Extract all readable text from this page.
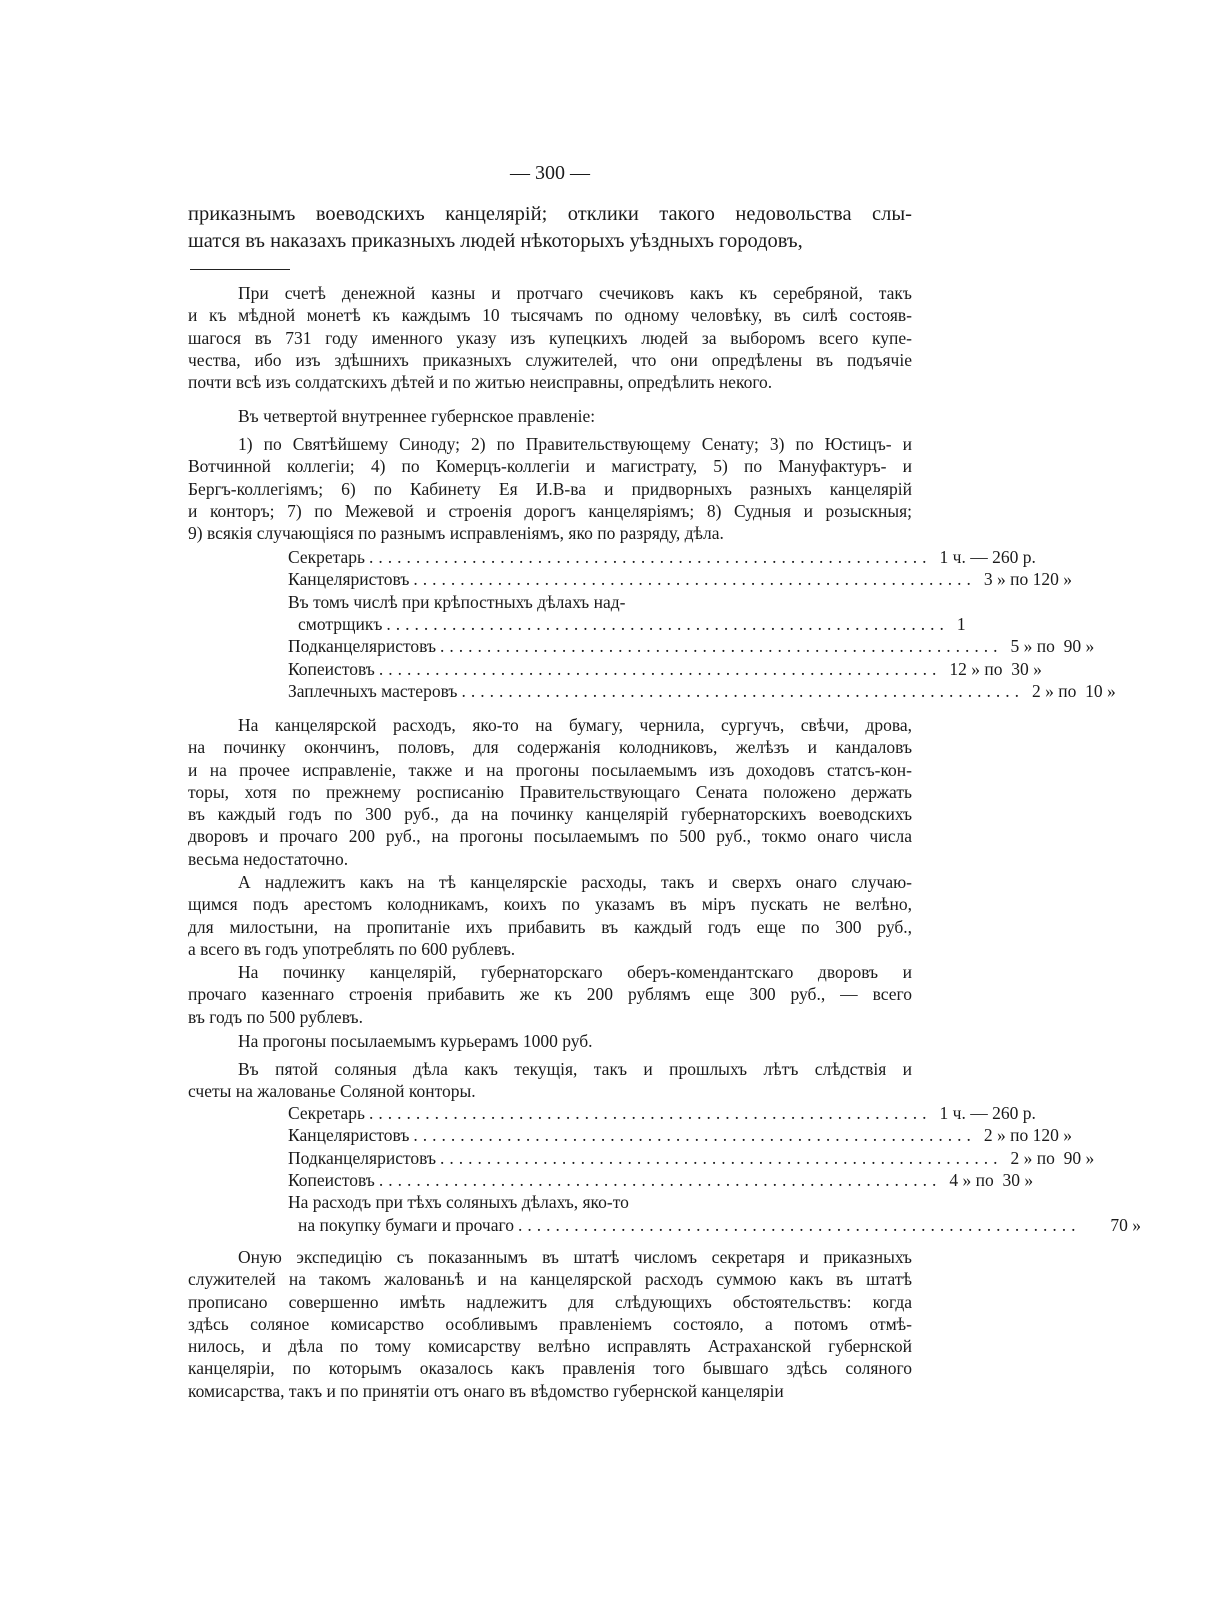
— 300 —
приказнымъ воеводскихъ канцелярій; отклики такого недовольства слы-
шатся въ наказахъ приказныхъ людей нѣкоторыхъ уѣздныхъ городовъ,
При счетѣ денежной казны и протчаго счечиковъ какъ къ серебряной, такъ
и къ мѣдной монетѣ къ каждымъ 10 тысячамъ по одному человѣку, въ силѣ состояв-
шагося въ 731 году именного указу изъ купецкихъ людей за выборомъ всего купе-
чества, ибо изъ здѣшнихъ приказныхъ служителей, что они опредѣлены въ подъячіе
почти всѣ изъ солдатскихъ дѣтей и по житью неисправны, опредѣлить некого.
Въ четвертой внутреннее губернское правленіе:
1) по Святѣйшему Синоду; 2) по Правительствующему Сенату; 3) по Юстицъ- и
Вотчинной коллегіи; 4) по Комерцъ-коллегіи и магистрату, 5) по Мануфактуръ- и
Бергъ-коллегіямъ; 6) по Кабинету Ея И.В-ва и придворныхъ разныхъ канцелярій
и конторъ; 7) по Межевой и строенія дорогъ канцеляріямъ; 8) Судныя и розыскныя;
9) всякія случающіяся по разнымъ исправленіямъ, яко по разряду, дѣла.
На канцелярской расходъ, яко-то на бумагу, чернила, сургучъ, свѣчи, дрова,
на починку окончинъ, половъ, для содержанія колодниковъ, желѣзъ и кандаловъ
и на прочее исправленіе, также и на прогоны посылаемымъ изъ доходовъ статсъ-кон-
торы, хотя по прежнему росписанію Правительствующаго Сената положено держать
въ каждый годъ по 300 руб., да на починку канцелярій губернаторскихъ воеводскихъ
дворовъ и прочаго 200 руб., на прогоны посылаемымъ по 500 руб., токмо онаго числа
весьма недостаточно.
А надлежитъ какъ на тѣ канцелярскіе расходы, такъ и сверхъ онаго случаю-
щимся подъ арестомъ колодникамъ, коихъ по указамъ въ міръ пускать не велѣно,
для милостыни, на пропитаніе ихъ прибавить въ каждый годъ еще по 300 руб.,
а всего въ годъ употреблять по 600 рублевъ.
На починку канцелярій, губернаторскаго оберъ-комендантскаго дворовъ и
прочаго казеннаго строенія прибавить же къ 200 рублямъ еще 300 руб., — всего
въ годъ по 500 рублевъ.
На прогоны посылаемымъ курьерамъ 1000 руб.
Въ пятой соляныя дѣла какъ текущія, такъ и прошлыхъ лѣтъ слѣдствія и
счеты на жалованье Соляной конторы.
Оную экспедицію съ показаннымъ въ штатѣ числомъ секретаря и приказныхъ
служителей на такомъ жалованьѣ и на канцелярской расходъ суммою какъ въ штатѣ
прописано совершенно имѣть надлежитъ для слѣдующихъ обстоятельствъ: когда
здѣсь соляное комисарство особливымъ правленіемъ состояло, а потомъ отмѣ-
нилось, и дѣла по тому комисарству велѣно исправлять Астраханской губернской
канцеляріи, по которымъ оказалось какъ правленія того бывшаго здѣсь соляного
комисарства, такъ и по принятіи отъ онаго въ вѣдомство губернской канцеляріи
Секретарь ............................................................ 1 ч. — 260 р.
Канцеляристовъ ............................................................ 3 » по 120 »
Въ томъ числѣ при крѣпостныхъ дѣлахъ над-
смотрщикъ ............................................................ 1
Подканцеляристовъ ............................................................ 5 » по  90 »
Копеистовъ ............................................................ 12 » по  30 »
Заплечныхъ мастеровъ ............................................................ 2 » по  10 »
Секретарь ............................................................ 1 ч. — 260 р.
Канцеляристовъ ............................................................ 2 » по 120 »
Подканцеляристовъ ............................................................ 2 » по  90 »
Копеистовъ ............................................................ 4 » по  30 »
На расходъ при тѣхъ соляныхъ дѣлахъ, яко-то
на покупку бумаги и прочаго ............................................................ 70 »
